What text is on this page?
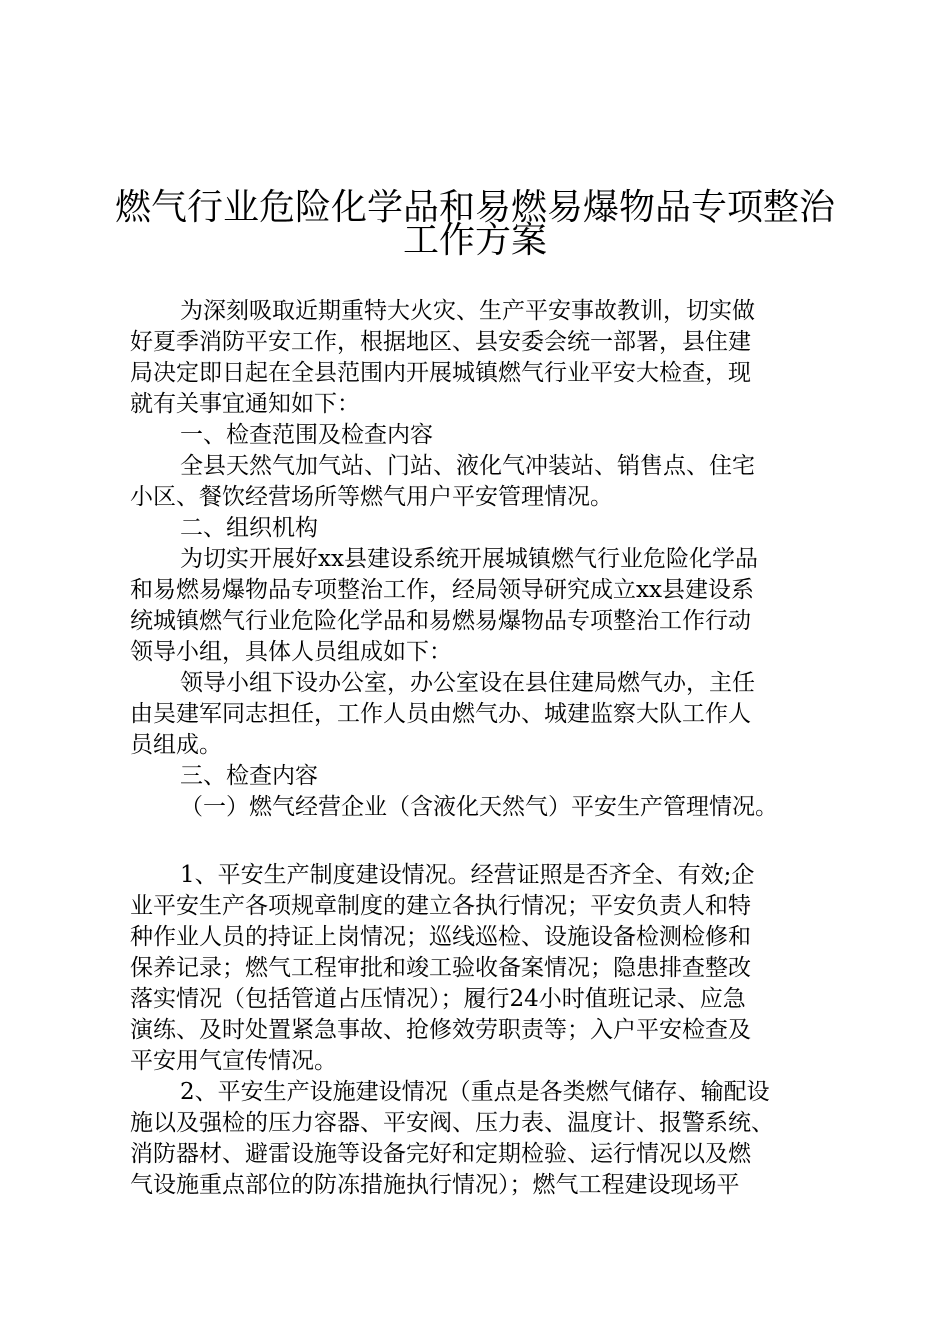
燃气行业危险化学品和易燃易爆物品专项整治
工作方案
为深刻吸取近期重特大火灾、生产平安事故教训，切实做
好夏季消防平安工作，根据地区、县安委会统一部署，县住建
局决定即日起在全县范围内开展城镇燃气行业平安大检查，现
就有关事宜通知如下：
一、检查范围及检查内容
全县天然气加气站、门站、液化气冲装站、销售点、住宅
小区、餐饮经营场所等燃气用户平安管理情况。
二、组织机构
为切实开展好xx县建设系统开展城镇燃气行业危险化学品
和易燃易爆物品专项整治工作，经局领导研究成立xx县建设系
统城镇燃气行业危险化学品和易燃易爆物品专项整治工作行动
领导小组，具体人员组成如下：
领导小组下设办公室，办公室设在县住建局燃气办，主任
由吴建军同志担任，工作人员由燃气办、城建监察大队工作人
员组成。
三、检查内容
（一）燃气经营企业（含液化天然气）平安生产管理情况。
1、平安生产制度建设情况。经营证照是否齐全、有效;企
业平安生产各项规章制度的建立各执行情况；平安负责人和特
种作业人员的持证上岗情况；巡线巡检、设施设备检测检修和
保养记录；燃气工程审批和竣工验收备案情况；隐患排查整改
落实情况（包括管道占压情况）；履行24小时值班记录、应急
演练、及时处置紧急事故、抢修效劳职责等；入户平安检查及
平安用气宣传情况。
2、平安生产设施建设情况（重点是各类燃气储存、输配设
施以及强检的压力容器、平安阀、压力表、温度计、报警系统、
消防器材、避雷设施等设备完好和定期检验、运行情况以及燃
气设施重点部位的防冻措施执行情况）；燃气工程建设现场平
